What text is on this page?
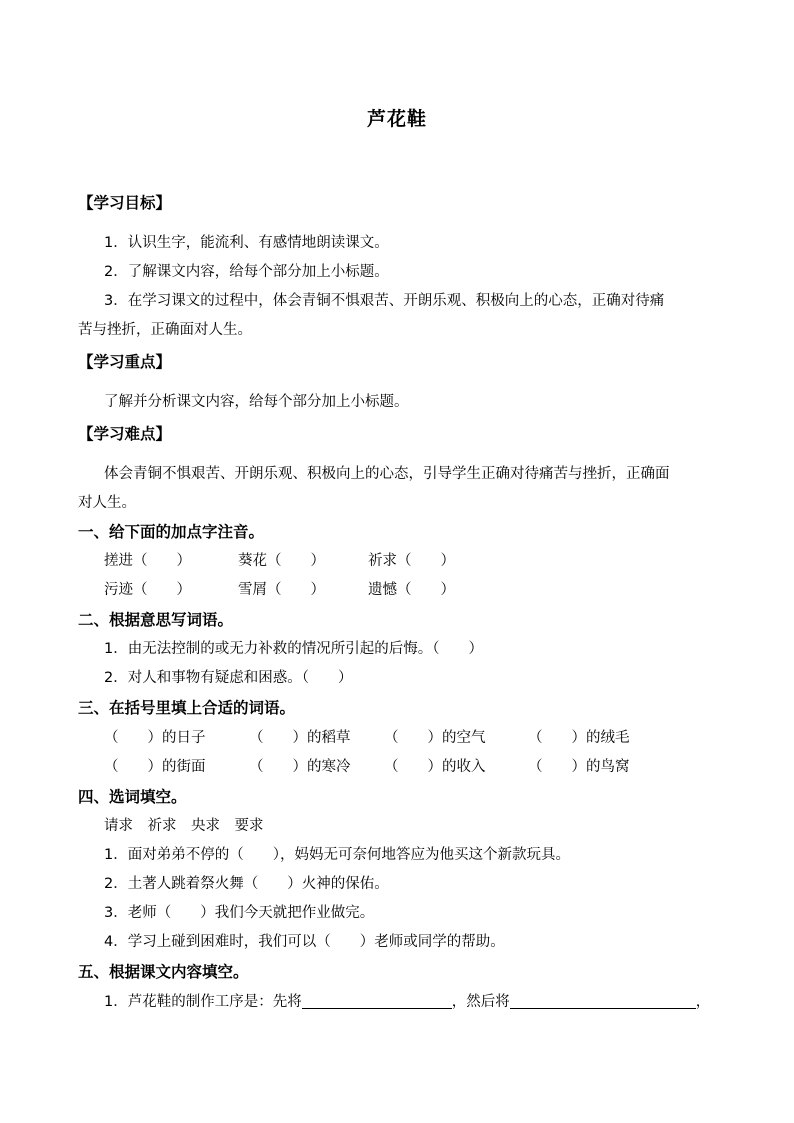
芦花鞋
【学习目标】
1．认识生字，能流利、有感情地朗读课文。
2．了解课文内容，给每个部分加上小标题。
3．在学习课文的过程中，体会青铜不惧艰苦、开朗乐观、积极向上的心态，正确对待痛
苦与挫折，正确面对人生。
【学习重点】
了解并分析课文内容，给每个部分加上小标题。
【学习难点】
体会青铜不惧艰苦、开朗乐观、积极向上的心态，引导学生正确对待痛苦与挫折，正确面
对人生。
一、给下面的加点字注音。
搓进（　　）	葵花（　　）	祈求（　　）
污迹（　　）	雪屑（　　）	遗憾（　　）
二、根据意思写词语。
1．由无法控制的或无力补救的情况所引起的后悔。（　　）
2．对人和事物有疑虑和困惑。（　　）
三、在括号里填上合适的词语。
（　　）的日子	（　　）的稻草 （　　）的空气	（　　）的绒毛
（　　）的街面	（　　）的寒冷 （　　）的收入	（　　）的鸟窝
四、选词填空。
请求　祈求　央求　要求
1．面对弟弟不停的（　　），妈妈无可奈何地答应为他买这个新款玩具。
2．土著人跳着祭火舞（　　）火神的保佑。
3．老师（　　）我们今天就把作业做完。
4．学习上碰到困难时，我们可以（　　）老师或同学的帮助。
五、根据课文内容填空。
1．芦花鞋的制作工序是：先将	，然后将	，
